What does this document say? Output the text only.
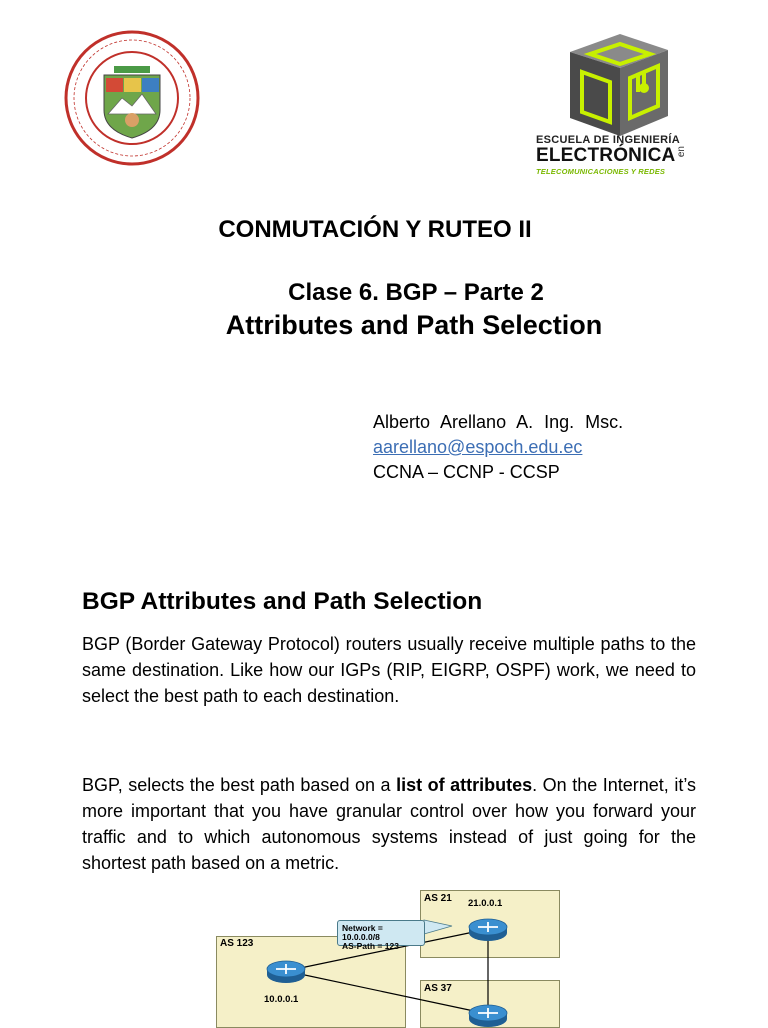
ESCUELA DE INGENIERÍA
ELECTRÓNICA en
TELECOMUNICACIONES Y REDES
CONMUTACIÓN Y RUTEO II
Clase 6. BGP – Parte 2
Attributes and Path Selection
Alberto Arellano A. Ing. Msc.
aarellano@espoch.edu.ec
CCNA – CCNP - CCSP
BGP Attributes and Path Selection
BGP (Border Gateway Protocol) routers usually receive multiple paths to the same destination. Like how our IGPs (RIP, EIGRP, OSPF) work, we need to select the best path to each destination.
BGP, selects the best path based on a list of attributes. On the Internet, it’s more important that you have granular control over how you forward your traffic and to which autonomous systems instead of just going for the shortest path based on a metric.
Network = 10.0.0.0/8
AS-Path = 123
AS 123
10.0.0.1
AS 21 21.0.0.1
AS 37
